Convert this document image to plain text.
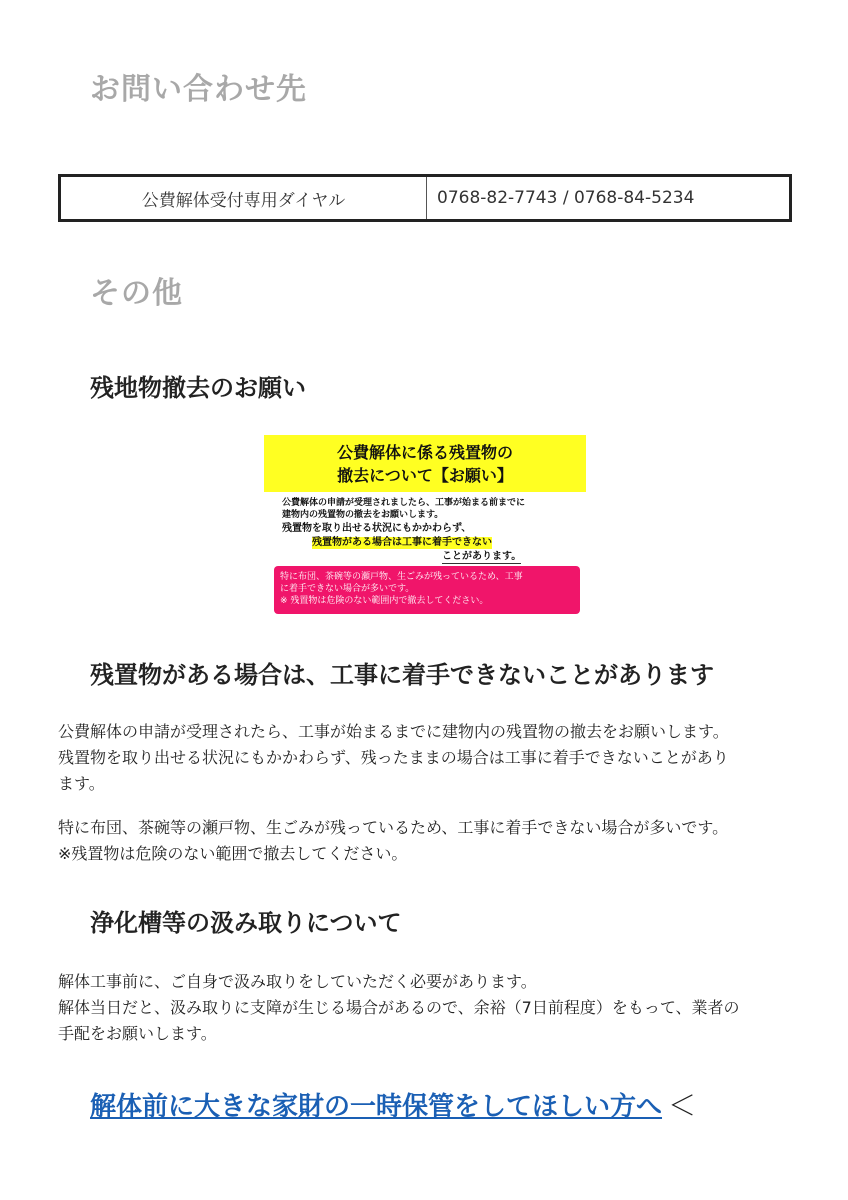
お問い合わせ先
公費解体受付専用ダイヤル	0768-82-7743 / 0768-84-5234
その他
残地物撤去のお願い
公費解体に係る残置物の
撤去について【お願い】
公費解体の申請が受理されましたら、工事が始まる前までに
建物内の残置物の撤去をお願いします。
残置物を取り出せる状況にもかかわらず、
残置物がある場合は工事に着手できない
ことがあります。
特に布団、茶碗等の瀬戸物、生ごみが残っているため、工事
に着手できない場合が多いです。
※ 残置物は危険のない範囲内で撤去してください。
残置物がある場合は、工事に着手できないことがあります

公費解体の申請が受理されたら、工事が始まるまでに建物内の残置物の撤去をお願いします。
残置物を取り出せる状況にもかかわらず、残ったままの場合は工事に着手できないことがあり
ます。

特に布団、茶碗等の瀬戸物、生ごみが残っているため、工事に着手できない場合が多いです。
※残置物は危険のない範囲で撤去してください。

浄化槽等の汲み取りについて

解体工事前に、ご自身で汲み取りをしていただく必要があります。
解体当日だと、汲み取りに支障が生じる場合があるので、余裕（7日前程度）をもって、業者の
手配をお願いします。

解体前に大きな家財の一時保管をしてほしい方へ ＜
